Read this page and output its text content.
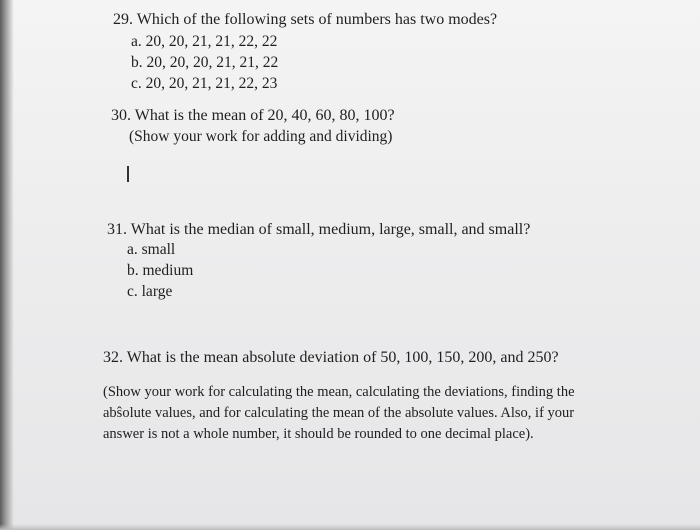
29. Which of the following sets of numbers has two modes?
a. 20, 20, 21, 21, 22, 22
b. 20, 20, 20, 21, 21, 22
c. 20, 20, 21, 21, 22, 23
30. What is the mean of 20, 40, 60, 80, 100?
(Show your work for adding and dividing)
31. What is the median of small, medium, large, small, and small?
a. small
b. medium
c. large
32. What is the mean absolute deviation of 50, 100, 150, 200, and 250?
(Show your work for calculating the mean, calculating the deviations, finding the
abŝolute values, and for calculating the mean of the absolute values. Also, if your
answer is not a whole number, it should be rounded to one decimal place).
